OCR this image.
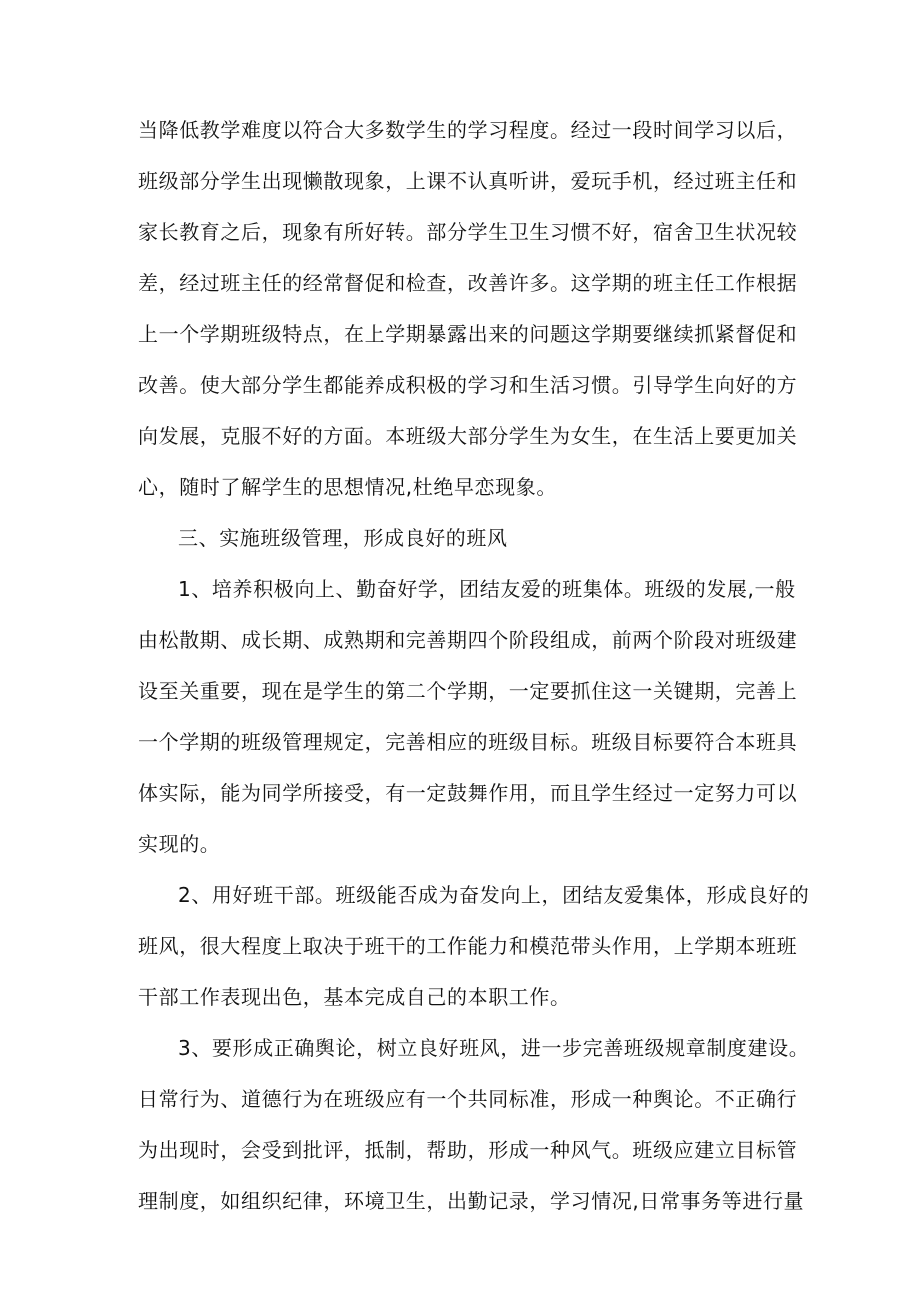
当降低教学难度以符合大多数学生的学习程度。经过一段时间学习以后，
班级部分学生出现懒散现象，上课不认真听讲，爱玩手机，经过班主任和
家长教育之后，现象有所好转。部分学生卫生习惯不好，宿舍卫生状况较
差，经过班主任的经常督促和检查，改善许多。这学期的班主任工作根据
上一个学期班级特点，在上学期暴露出来的问题这学期要继续抓紧督促和
改善。使大部分学生都能养成积极的学习和生活习惯。引导学生向好的方
向发展，克服不好的方面。本班级大部分学生为女生，在生活上要更加关
心，随时了解学生的思想情况,杜绝早恋现象。
三、实施班级管理，形成良好的班风
1、培养积极向上、勤奋好学，团结友爱的班集体。班级的发展,一般
由松散期、成长期、成熟期和完善期四个阶段组成，前两个阶段对班级建
设至关重要，现在是学生的第二个学期，一定要抓住这一关键期，完善上
一个学期的班级管理规定，完善相应的班级目标。班级目标要符合本班具
体实际，能为同学所接受，有一定鼓舞作用，而且学生经过一定努力可以
实现的。
2、用好班干部。班级能否成为奋发向上，团结友爱集体，形成良好的
班风，很大程度上取决于班干的工作能力和模范带头作用，上学期本班班
干部工作表现出色，基本完成自己的本职工作。
3、要形成正确舆论，树立良好班风，进一步完善班级规章制度建设。
日常行为、道德行为在班级应有一个共同标准，形成一种舆论。不正确行
为出现时，会受到批评，抵制，帮助，形成一种风气。班级应建立目标管
理制度，如组织纪律，环境卫生，出勤记录，学习情况,日常事务等进行量
